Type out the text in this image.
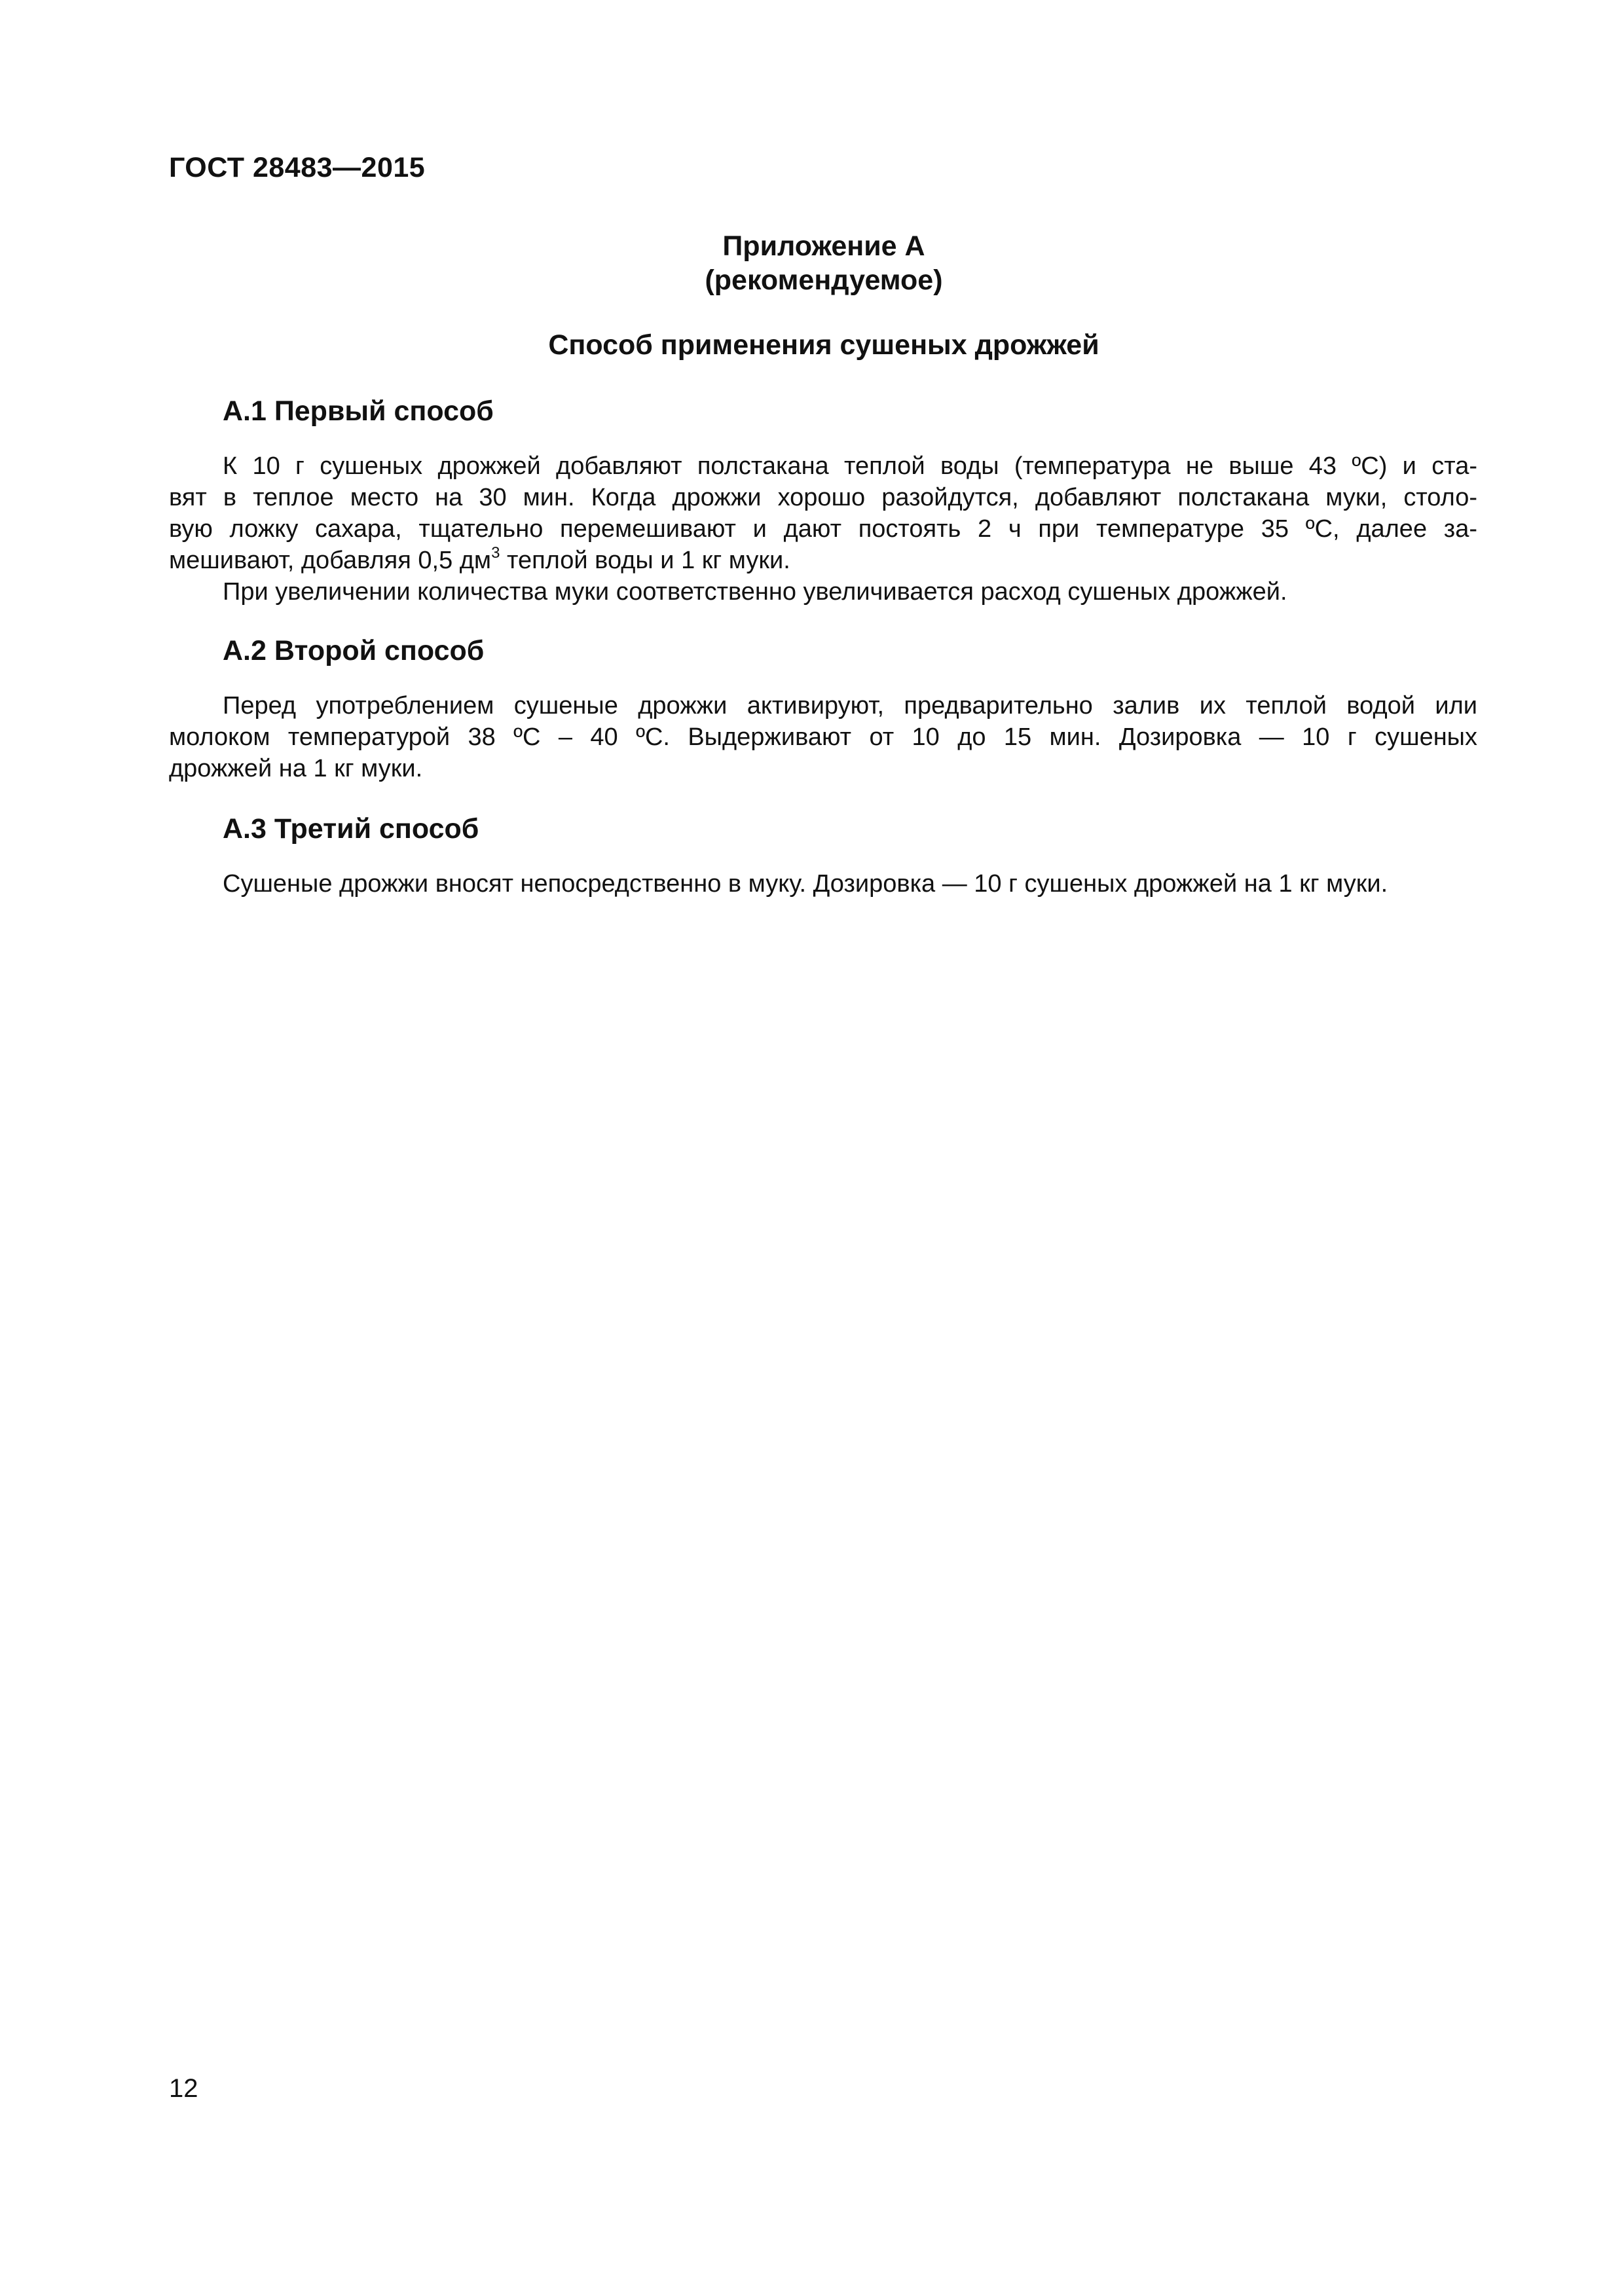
ГОСТ 28483—2015
Приложение А
(рекомендуемое)
Способ применения сушеных дрожжей
А.1 Первый способ
К 10 г сушеных дрожжей добавляют полстакана теплой воды (температура не выше 43 ºС) и ста-
вят в теплое место на 30 мин. Когда дрожжи хорошо разойдутся, добавляют полстакана муки, столо-
вую ложку сахара, тщательно перемешивают и дают постоять 2 ч при температуре 35 ºС, далее за-
мешивают, добавляя 0,5 $дм^3$ теплой воды и 1 кг муки.
При увеличении количества муки соответственно увеличивается расход сушеных дрожжей.
А.2 Второй способ
Перед употреблением сушеные дрожжи активируют, предварительно залив их теплой водой или
молоком температурой 38 ºС – 40 ºС. Выдерживают от 10 до 15 мин. Дозировка — 10 г сушеных
дрожжей на 1 кг муки.
А.3 Третий способ
Сушеные дрожжи вносят непосредственно в муку. Дозировка — 10 г сушеных дрожжей на 1 кг муки.
12
